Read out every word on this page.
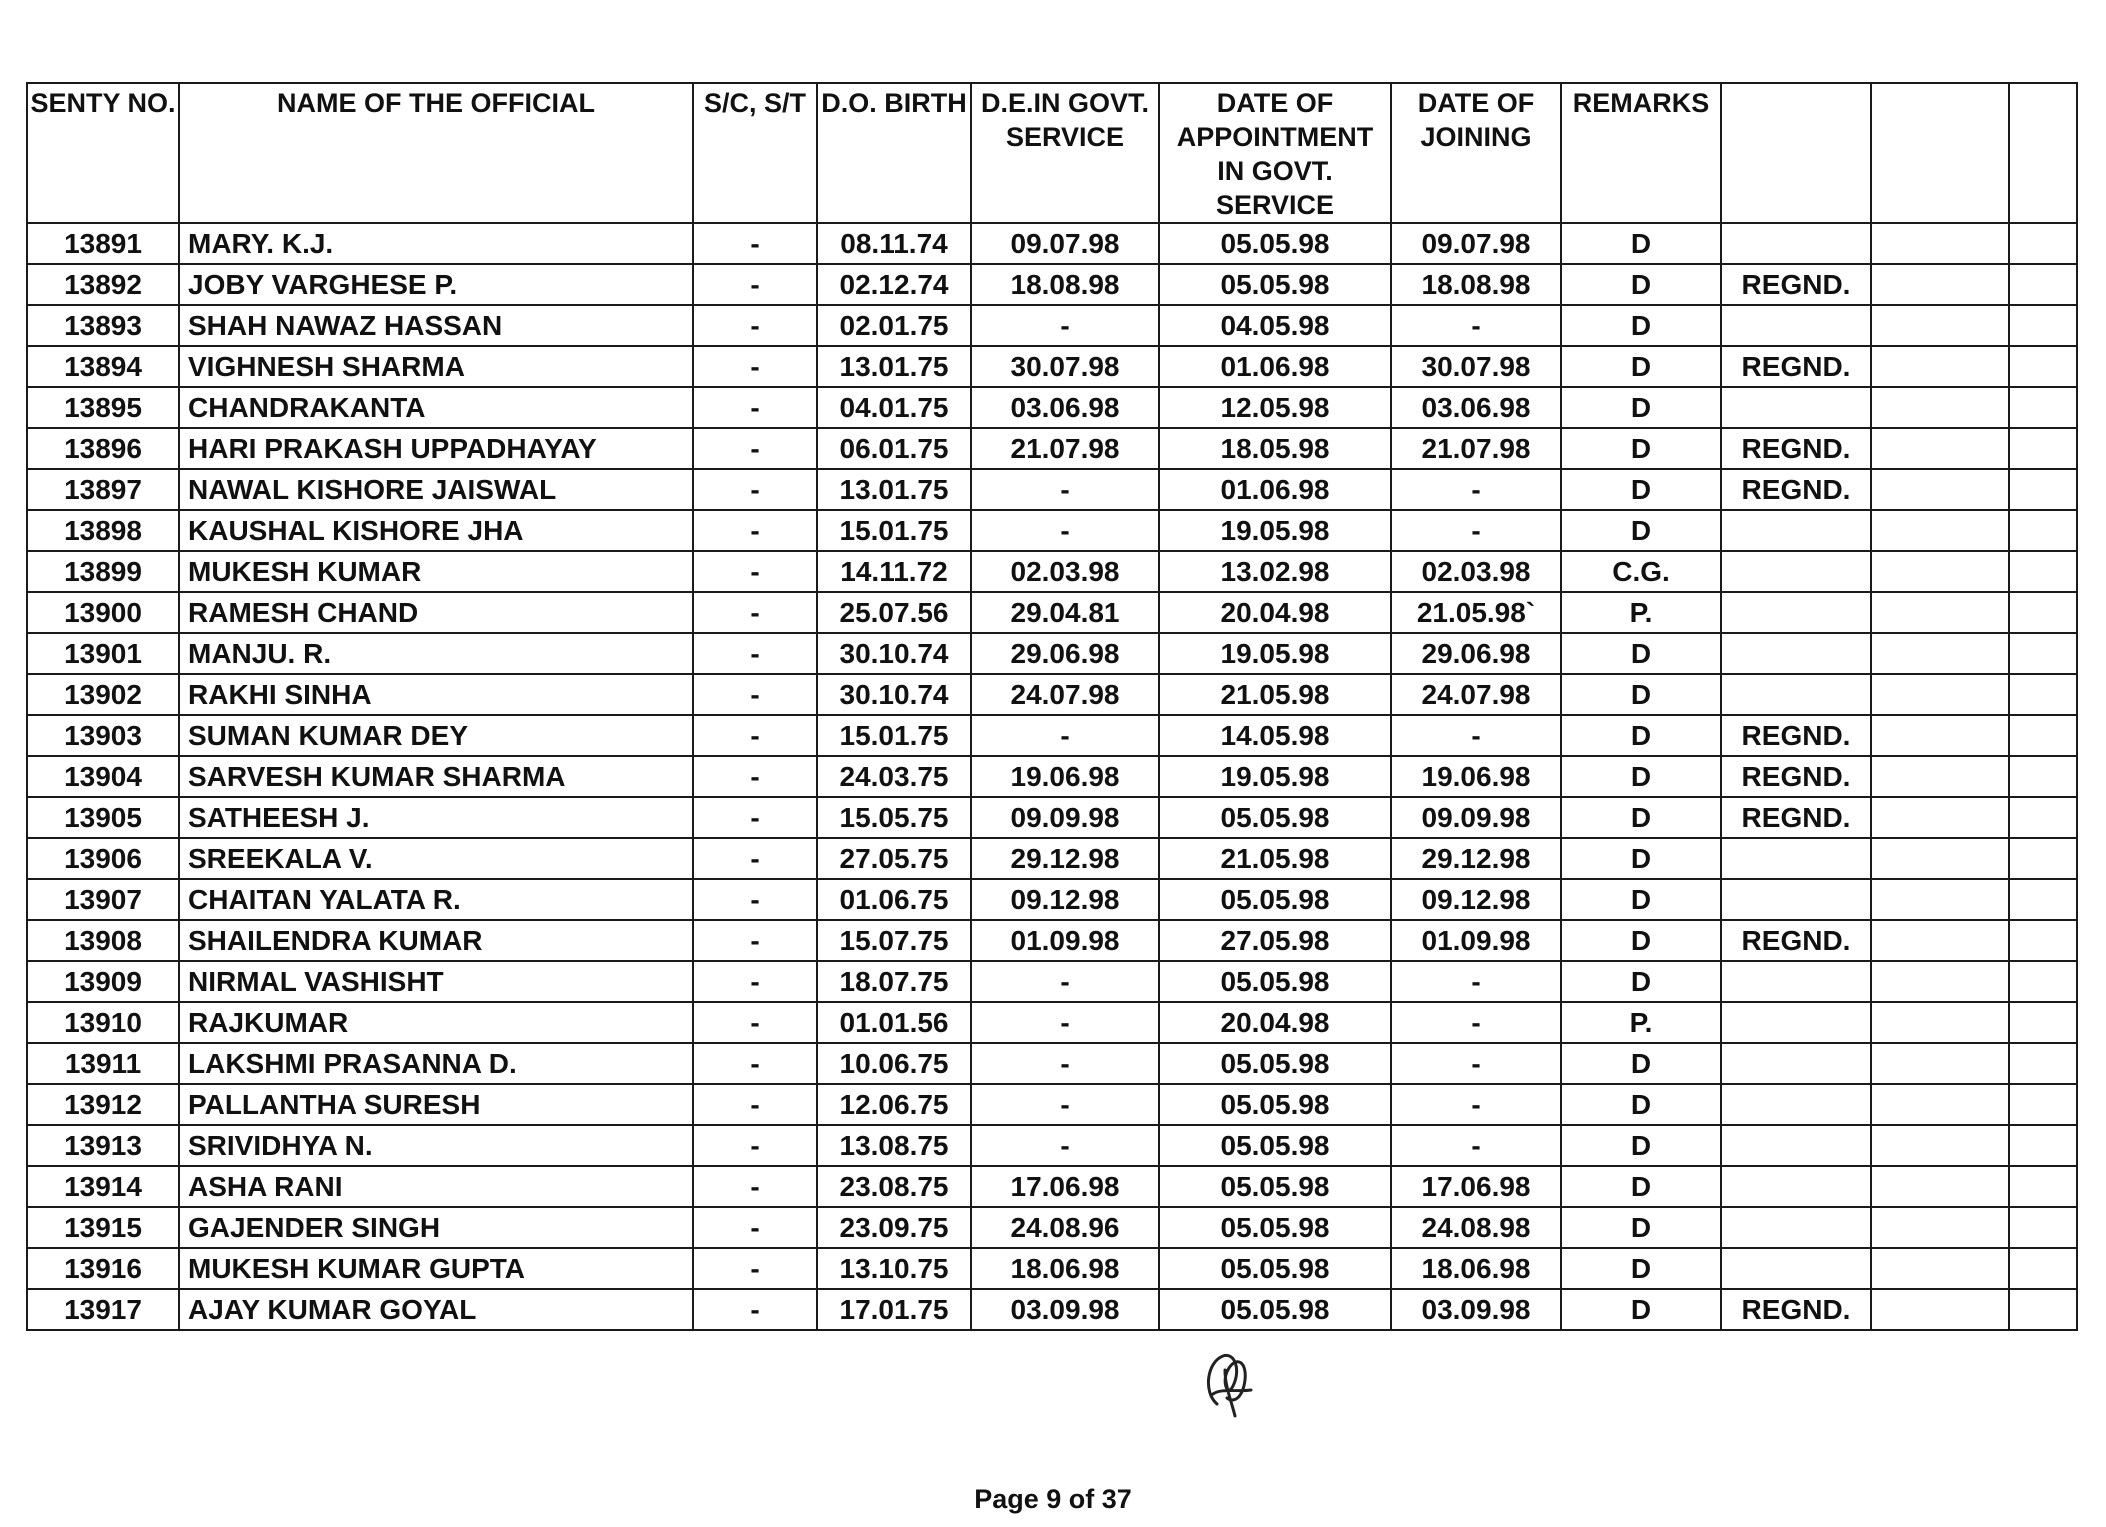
SENTY NO.	NAME OF THE OFFICIAL	S/C, S/T	D.O. BIRTH	D.E.IN GOVT. SERVICE	DATE OF APPOINTMENT IN GOVT. SERVICE	DATE OF JOINING	REMARKS			
13891	MARY. K.J.	-	08.11.74	09.07.98	05.05.98	09.07.98	D			
13892	JOBY VARGHESE P.	-	02.12.74	18.08.98	05.05.98	18.08.98	D	REGND.		
13893	SHAH NAWAZ HASSAN	-	02.01.75	-	04.05.98	-	D			
13894	VIGHNESH SHARMA	-	13.01.75	30.07.98	01.06.98	30.07.98	D	REGND.		
13895	CHANDRAKANTA	-	04.01.75	03.06.98	12.05.98	03.06.98	D			
13896	HARI PRAKASH UPPADHAYAY	-	06.01.75	21.07.98	18.05.98	21.07.98	D	REGND.		
13897	NAWAL KISHORE JAISWAL	-	13.01.75	-	01.06.98	-	D	REGND.		
13898	KAUSHAL KISHORE JHA	-	15.01.75	-	19.05.98	-	D			
13899	MUKESH KUMAR	-	14.11.72	02.03.98	13.02.98	02.03.98	C.G.			
13900	RAMESH CHAND	-	25.07.56	29.04.81	20.04.98	21.05.98`	P.			
13901	MANJU. R.	-	30.10.74	29.06.98	19.05.98	29.06.98	D			
13902	RAKHI SINHA	-	30.10.74	24.07.98	21.05.98	24.07.98	D			
13903	SUMAN KUMAR DEY	-	15.01.75	-	14.05.98	-	D	REGND.		
13904	SARVESH KUMAR SHARMA	-	24.03.75	19.06.98	19.05.98	19.06.98	D	REGND.		
13905	SATHEESH J.	-	15.05.75	09.09.98	05.05.98	09.09.98	D	REGND.		
13906	SREEKALA V.	-	27.05.75	29.12.98	21.05.98	29.12.98	D			
13907	CHAITAN YALATA R.	-	01.06.75	09.12.98	05.05.98	09.12.98	D			
13908	SHAILENDRA KUMAR	-	15.07.75	01.09.98	27.05.98	01.09.98	D	REGND.		
13909	NIRMAL VASHISHT	-	18.07.75	-	05.05.98	-	D			
13910	RAJKUMAR	-	01.01.56	-	20.04.98	-	P.			
13911	LAKSHMI PRASANNA D.	-	10.06.75	-	05.05.98	-	D			
13912	PALLANTHA SURESH	-	12.06.75	-	05.05.98	-	D			
13913	SRIVIDHYA N.	-	13.08.75	-	05.05.98	-	D			
13914	ASHA RANI	-	23.08.75	17.06.98	05.05.98	17.06.98	D			
13915	GAJENDER SINGH	-	23.09.75	24.08.96	05.05.98	24.08.98	D			
13916	MUKESH KUMAR GUPTA	-	13.10.75	18.06.98	05.05.98	18.06.98	D			
13917	AJAY KUMAR GOYAL	-	17.01.75	03.09.98	05.05.98	03.09.98	D	REGND.		
Page 9 of 37
